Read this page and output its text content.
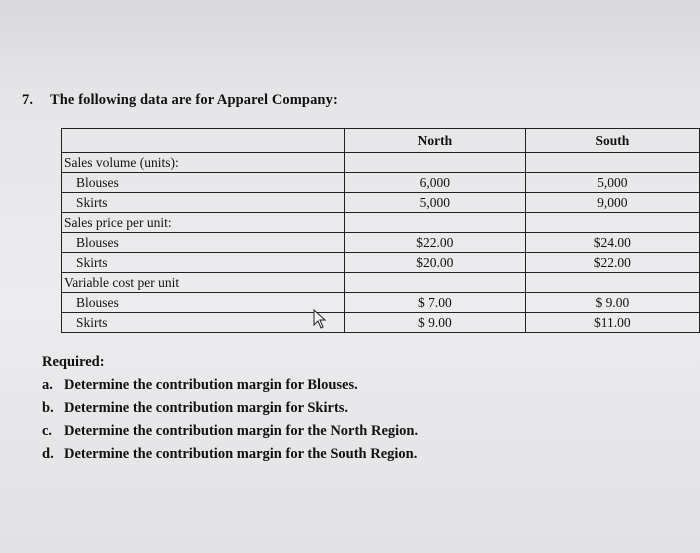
7. The following data are for Apparel Company:
	North	South
Sales volume (units):		
Blouses	6,000	5,000
Skirts	5,000	9,000
Sales price per unit:		
Blouses	$22.00	$24.00
Skirts	$20.00	$22.00
Variable cost per unit		
Blouses	$ 7.00	$ 9.00
Skirts	$ 9.00	$11.00
Required:
a. Determine the contribution margin for Blouses.
b. Determine the contribution margin for Skirts.
c. Determine the contribution margin for the North Region.
d. Determine the contribution margin for the South Region.
